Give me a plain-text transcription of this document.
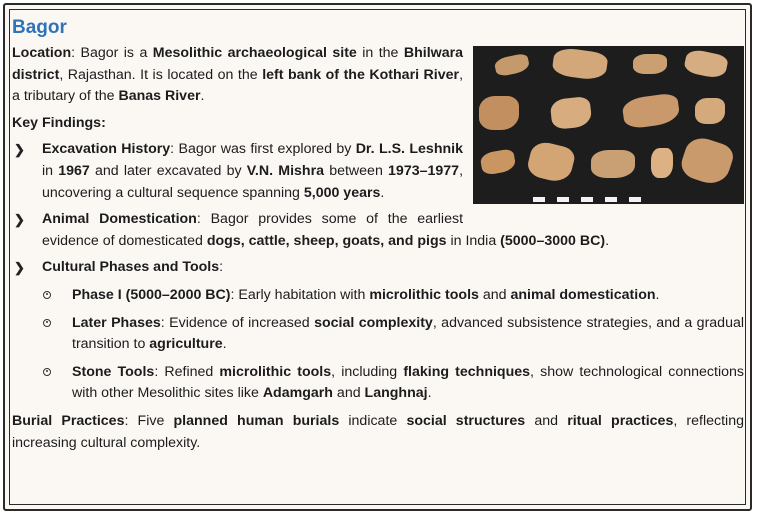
Bagor

Location: Bagor is a Mesolithic archaeological site in the Bhilwara district, Rajasthan. It is located on the left bank of the Kothari River, a tributary of the Banas River.

Key Findings:

❯ Excavation History: Bagor was first explored by Dr. L.S. Leshnik in 1967 and later excavated by V.N. Mishra between 1973–1977, uncovering a cultural sequence spanning 5,000 years.
❯ Animal Domestication: Bagor provides some of the earliest evidence of domesticated dogs, cattle, sheep, goats, and pigs in India (5000–3000 BC).
❯ Cultural Phases and Tools:
Phase I (5000–2000 BC): Early habitation with microlithic tools and animal domestication.
Later Phases: Evidence of increased social complexity, advanced subsistence strategies, and a gradual transition to agriculture.
Stone Tools: Refined microlithic tools, including flaking techniques, show technological connections with other Mesolithic sites like Adamgarh and Langhnaj.

Burial Practices: Five planned human burials indicate social structures and ritual practices, reflecting increasing cultural complexity.
